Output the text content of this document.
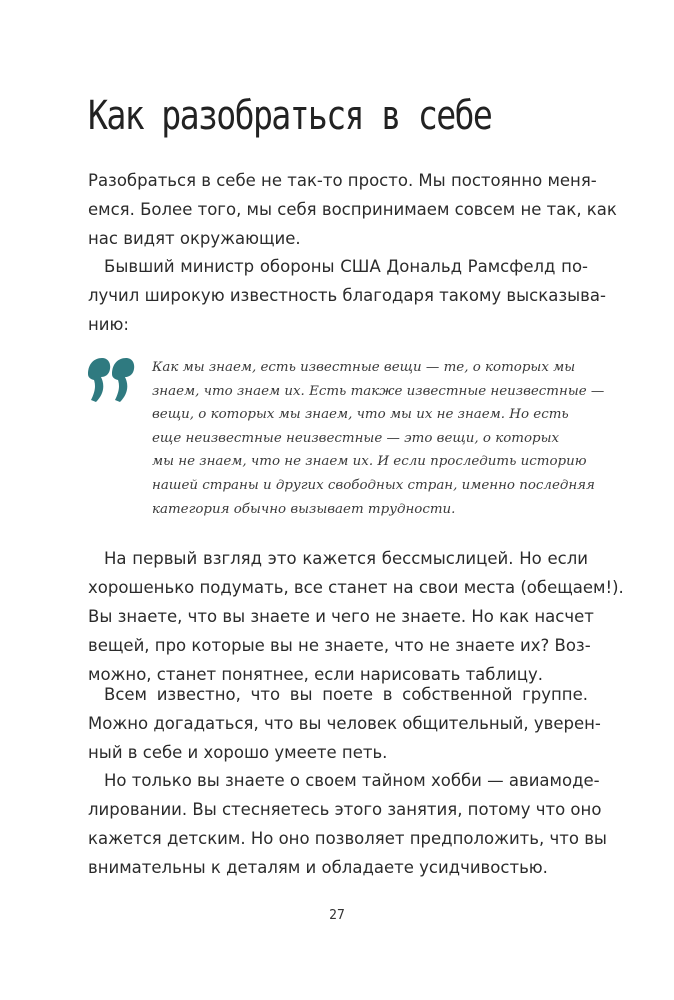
Как разобраться в себе
Разобраться в себе не так-то просто. Мы постоянно меня-
емся. Более того, мы себя воспринимаем совсем не так, как
нас видят окружающие.
Бывший министр обороны США Дональд Рамсфелд по-
лучил широкую известность благодаря такому высказыва-
нию:
Как мы знаем, есть известные вещи — те, о которых мы
знаем, что знаем их. Есть также известные неизвестные —
вещи, о которых мы знаем, что мы их не знаем. Но есть
еще неизвестные неизвестные — это вещи, о которых
мы не знаем, что не знаем их. И если проследить историю
нашей страны и других свободных стран, именно последняя
категория обычно вызывает трудности.
На первый взгляд это кажется бессмыслицей. Но если
хорошенько подумать, все станет на свои места (обещаем!).
Вы знаете, что вы знаете и чего не знаете. Но как насчет
вещей, про которые вы не знаете, что не знаете их? Воз-
можно, станет понятнее, если нарисовать таблицу.
Всем известно, что вы поете в собственной группе.
Можно догадаться, что вы человек общительный, уверен-
ный в себе и хорошо умеете петь.
Но только вы знаете о своем тайном хобби — авиамоде-
лировании. Вы стесняетесь этого занятия, потому что оно
кажется детским. Но оно позволяет предположить, что вы
внимательны к деталям и обладаете усидчивостью.
27
